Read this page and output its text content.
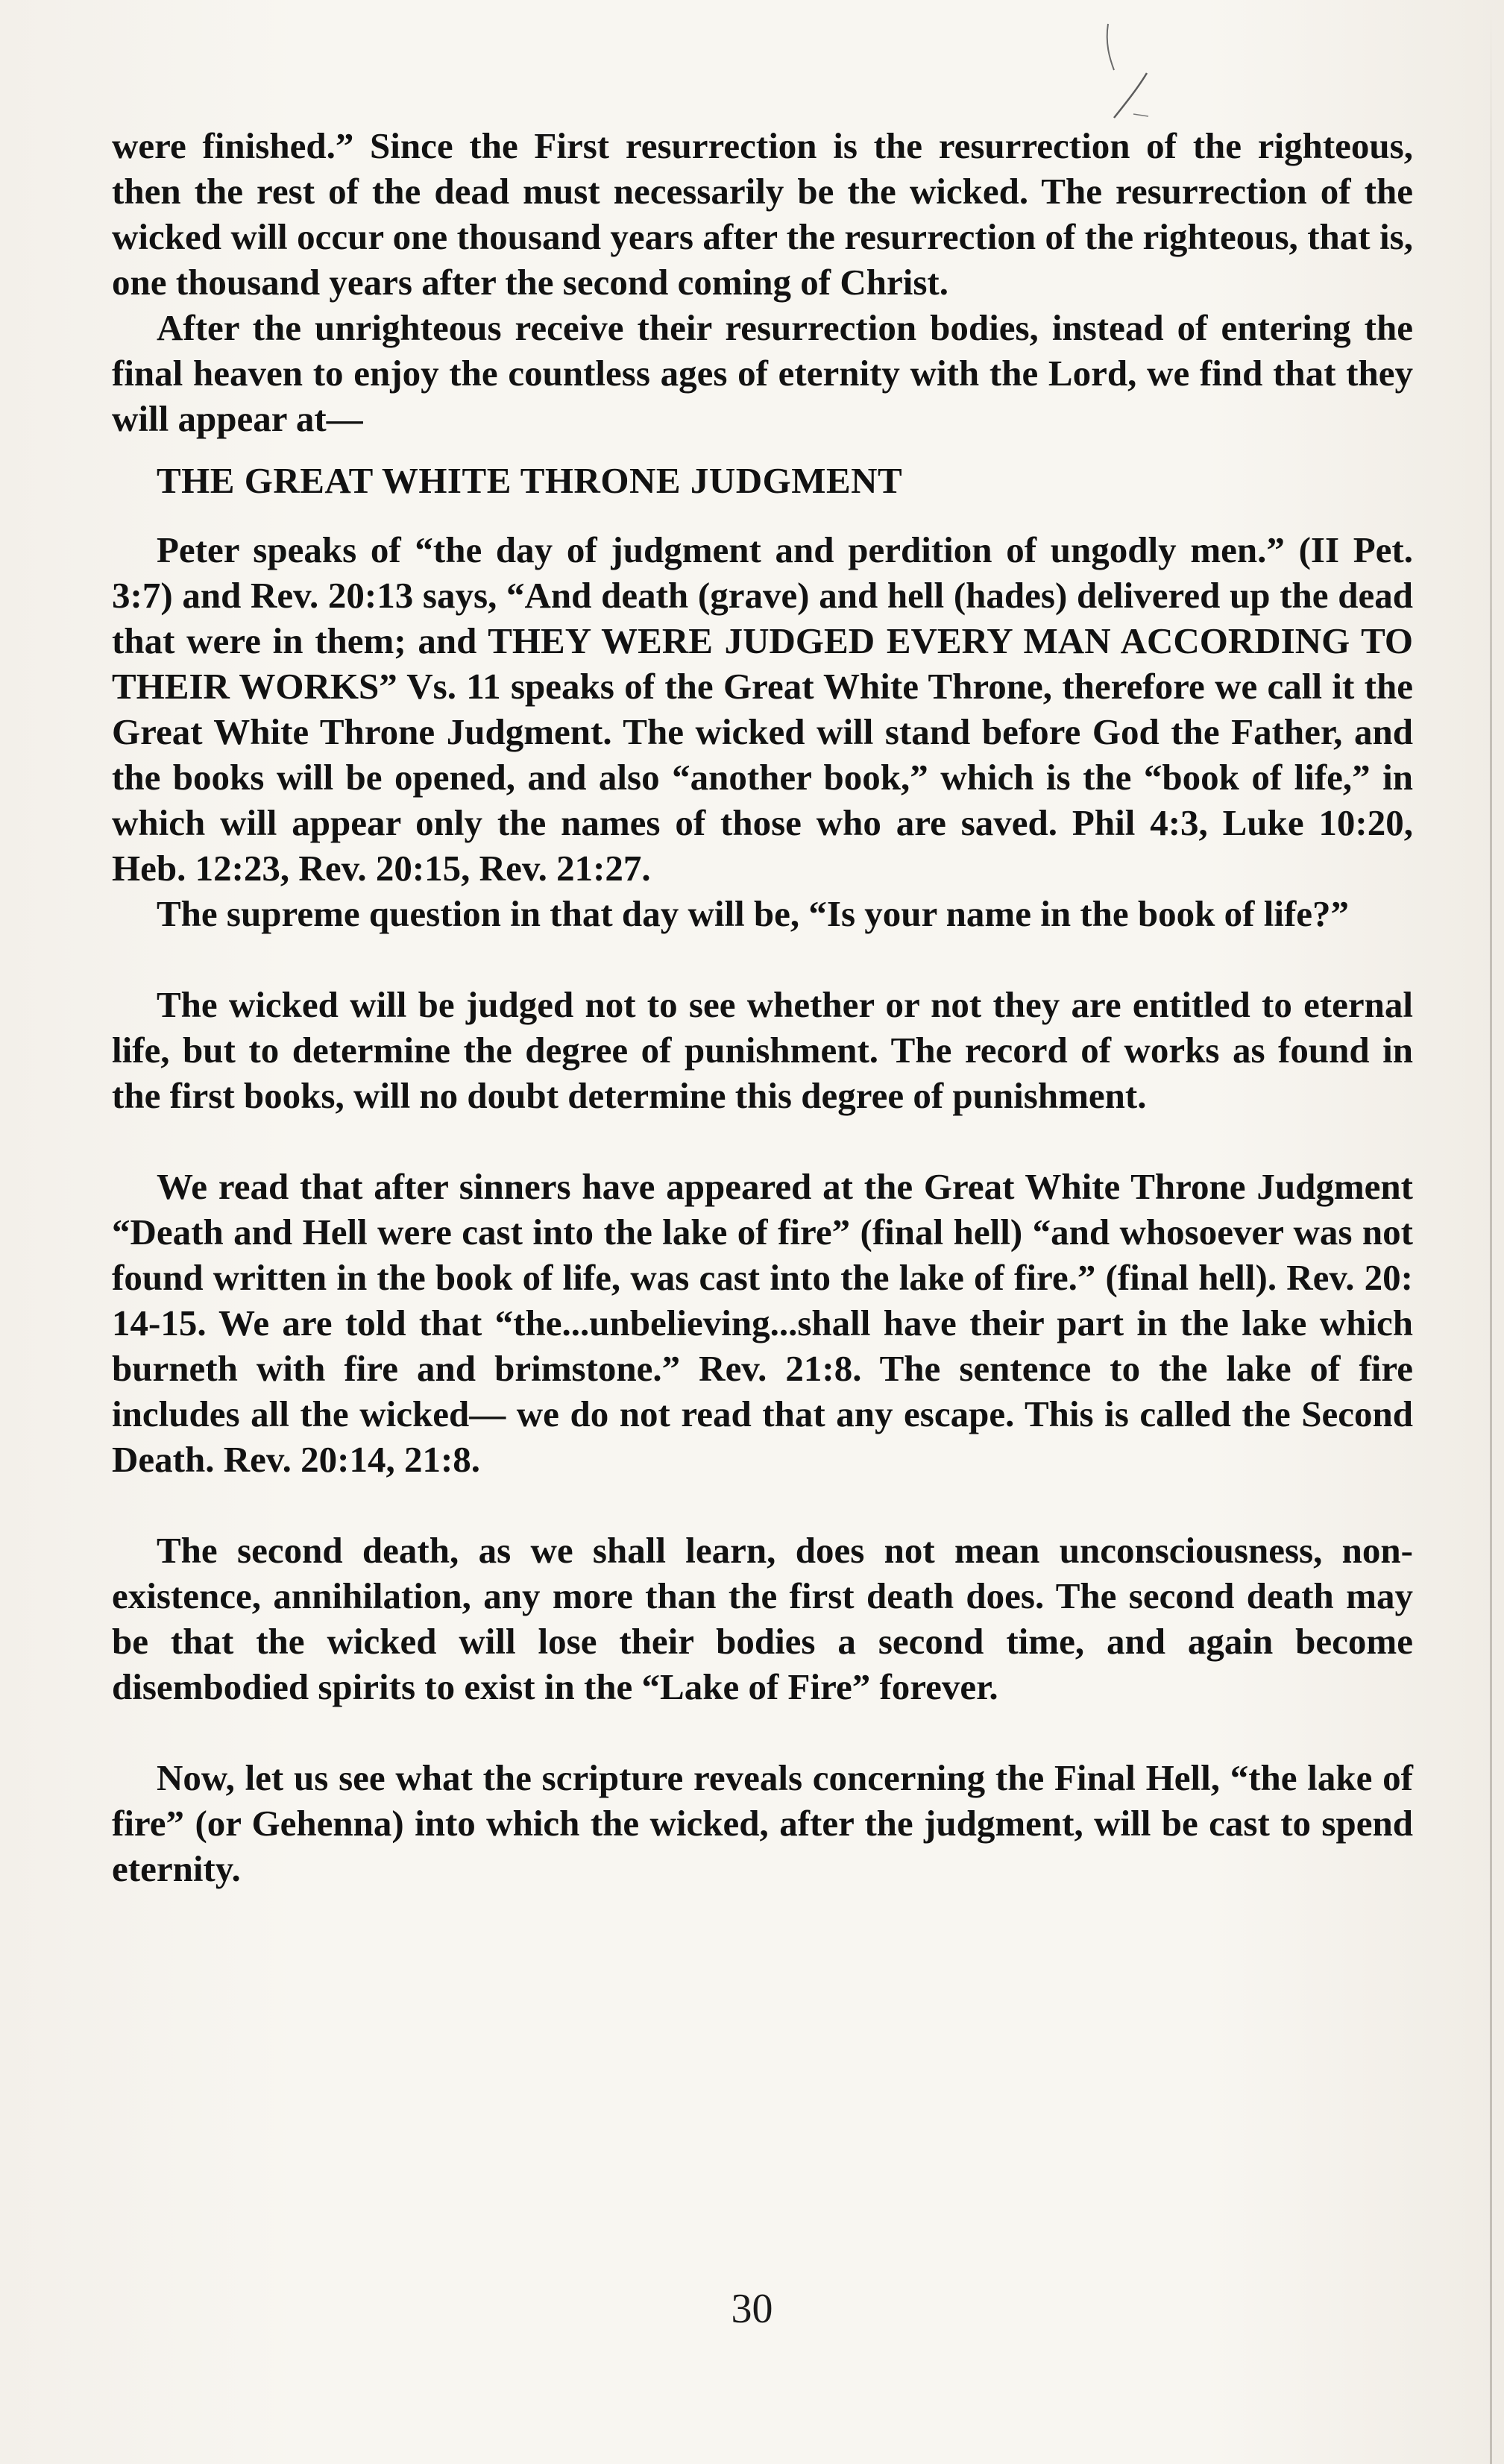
were finished.” Since the First resurrection is the resurrection of the righteous, then the rest of the dead must necessarily be the wicked. The resurrection of the wicked will occur one thousand years after the resurrection of the righteous, that is, one thousand years after the second coming of Christ.

After the unrighteous receive their resurrection bodies, instead of entering the final heaven to enjoy the countless ages of eternity with the Lord, we find that they will appear at—

THE GREAT WHITE THRONE JUDGMENT

Peter speaks of “the day of judgment and perdition of ungodly men.” (II Pet. 3:7) and Rev. 20:13 says, “And death (grave) and hell (hades) delivered up the dead that were in them; and THEY WERE JUDGED EVERY MAN ACCORDING TO THEIR WORKS” Vs. 11 speaks of the Great White Throne, therefore we call it the Great White Throne Judgment. The wicked will stand before God the Father, and the books will be opened, and also “another book,” which is the “book of life,” in which will appear only the names of those who are saved. Phil 4:3, Luke 10:20, Heb. 12:23, Rev. 20:15, Rev. 21:27.

The supreme question in that day will be, “Is your name in the book of life?”

The wicked will be judged not to see whether or not they are entitled to eternal life, but to determine the degree of punishment. The record of works as found in the first books, will no doubt determine this degree of punishment.

We read that after sinners have appeared at the Great White Throne Judgment “Death and Hell were cast into the lake of fire” (final hell) “and whosoever was not found written in the book of life, was cast into the lake of fire.” (final hell). Rev. 20: 14-15. We are told that “the...unbelieving...shall have their part in the lake which burneth with fire and brimstone.” Rev. 21:8. The sentence to the lake of fire includes all the wicked— we do not read that any escape. This is called the Second Death. Rev. 20:14, 21:8.

The second death, as we shall learn, does not mean unconsciousness, non-existence, annihilation, any more than the first death does. The second death may be that the wicked will lose their bodies a second time, and again become disembodied spirits to exist in the “Lake of Fire” forever.

Now, let us see what the scripture reveals concerning the Final Hell, “the lake of fire” (or Gehenna) into which the wicked, after the judgment, will be cast to spend eternity.

30
